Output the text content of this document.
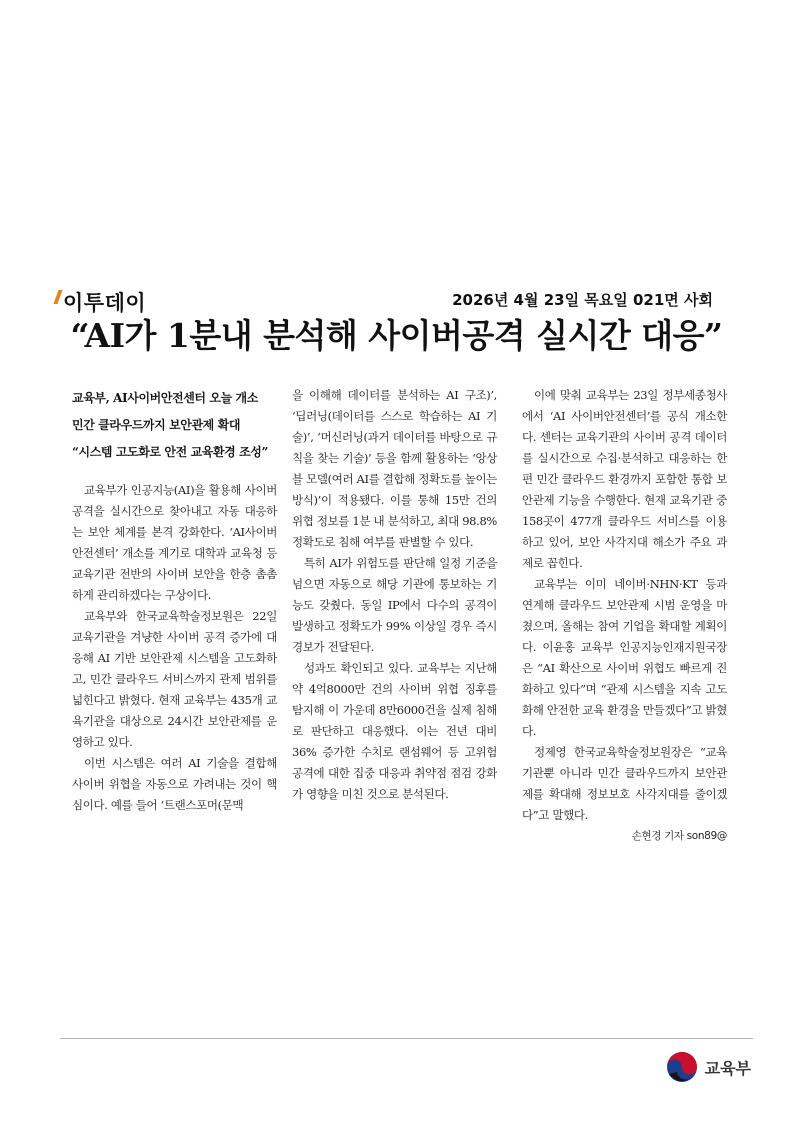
이투데이	2026년 4월 23일 목요일 021면 사회
“AI가 1분내 분석해 사이버공격 실시간 대응”
교육부, AI사이버안전센터 오늘 개소
민간 클라우드까지 보안관제 확대
“시스템 고도화로 안전 교육환경 조성”

교육부가 인공지능(AI)을 활용해 사이버공격을 실시간으로 찾아내고 자동 대응하는 보안 체계를 본격 강화한다. ‘AI사이버안전센터’ 개소를 계기로 대학과 교육청 등 교육기관 전반의 사이버 보안을 한층 촘촘하게 관리하겠다는 구상이다.

교육부와 한국교육학술정보원은 22일 교육기관을 겨냥한 사이버 공격 증가에 대응해 AI 기반 보안관제 시스템을 고도화하고, 민간 클라우드 서비스까지 관제 범위를 넓힌다고 밝혔다. 현재 교육부는 435개 교육기관을 대상으로 24시간 보안관제를 운영하고 있다.

이번 시스템은 여러 AI 기술을 결합해 사이버 위협을 자동으로 가려내는 것이 핵심이다. 예를 들어 ‘트랜스포머(문맥

을 이해해 데이터를 분석하는 AI 구조)’, ‘딥러닝(데이터를 스스로 학습하는 AI 기술)’, ‘머신러닝(과거 데이터를 바탕으로 규칙을 찾는 기술)’ 등을 함께 활용하는 ‘앙상블 모델(여러 AI를 결합해 정확도를 높이는 방식)’이 적용됐다. 이를 통해 15만 건의 위협 정보를 1분 내 분석하고, 최대 98.8% 정확도로 침해 여부를 판별할 수 있다.

특히 AI가 위험도를 판단해 일정 기준을 넘으면 자동으로 해당 기관에 통보하는 기능도 갖췄다. 동일 IP에서 다수의 공격이 발생하고 정확도가 99% 이상일 경우 즉시 경보가 전달된다.

성과도 확인되고 있다. 교육부는 지난해 약 4억8000만 건의 사이버 위협 징후를 탐지해 이 가운데 8만6000건을 실제 침해로 판단하고 대응했다. 이는 전년 대비 36% 증가한 수치로 랜섬웨어 등 고위험 공격에 대한 집중 대응과 취약점 점검 강화가 영향을 미친 것으로 분석된다.

이에 맞춰 교육부는 23일 정부세종청사에서 ‘AI 사이버안전센터’를 공식 개소한다. 센터는 교육기관의 사이버 공격 데이터를 실시간으로 수집·분석하고 대응하는 한편 민간 클라우드 환경까지 포함한 통합 보안관제 기능을 수행한다. 현재 교육기관 중 158곳이 477개 클라우드 서비스를 이용하고 있어, 보안 사각지대 해소가 주요 과제로 꼽힌다.

교육부는 이미 네이버·NHN·KT 등과 연계해 클라우드 보안관제 시범 운영을 마쳤으며, 올해는 참여 기업을 확대할 계획이다. 이윤홍 교육부 인공지능인재지원국장은 “AI 확산으로 사이버 위협도 빠르게 진화하고 있다”며 “관제 시스템을 지속 고도화해 안전한 교육 환경을 만들겠다”고 밝혔다.

정제영 한국교육학술정보원장은 “교육기관뿐 아니라 민간 클라우드까지 보안관제를 확대해 정보보호 사각지대를 줄이겠다”고 말했다.

손현경 기자 son89@

교육부
